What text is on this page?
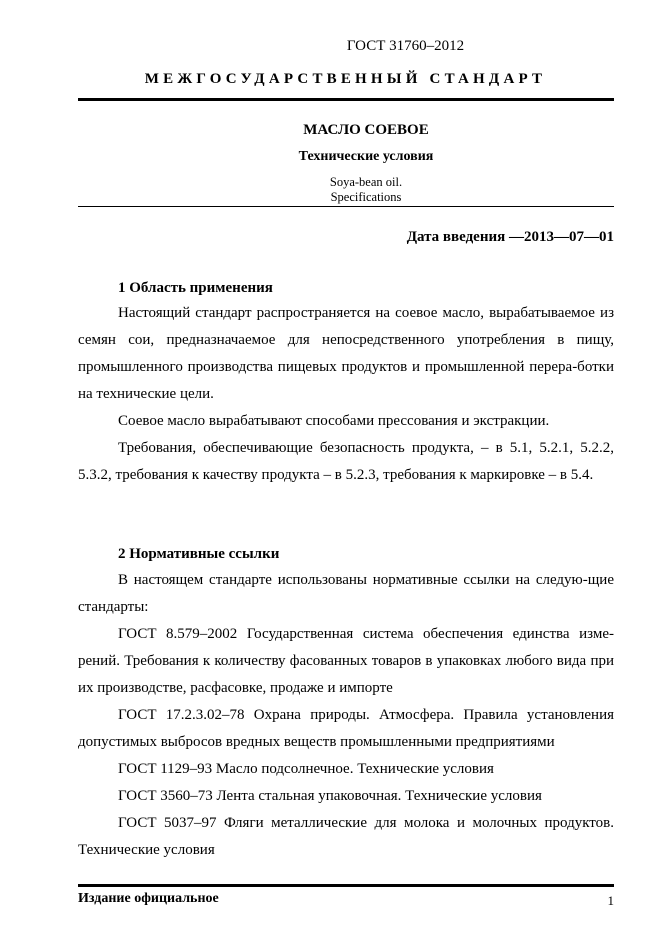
ГОСТ 31760–2012
МЕЖГОСУДАРСТВЕННЫЙ СТАНДАРТ
МАСЛО СОЕВОЕ
Технические условия
Soya-bean oil.
Specifications
Дата введения —2013—07—01
1 Область применения
Настоящий стандарт распространяется на соевое масло, вырабатываемое из семян сои, предназначаемое для непосредственного употребления в пищу, промышленного производства пищевых продуктов и промышленной перера-ботки на технические цели.
Соевое масло вырабатывают способами прессования и экстракции.
Требования, обеспечивающие безопасность продукта, – в 5.1, 5.2.1, 5.2.2, 5.3.2, требования к качеству продукта – в 5.2.3, требования к маркировке – в 5.4.
2 Нормативные ссылки
В настоящем стандарте использованы нормативные ссылки на следую-щие стандарты:
ГОСТ 8.579–2002 Государственная система обеспечения единства изме-рений. Требования к количеству фасованных товаров в упаковках любого вида при их производстве, расфасовке, продаже и импорте
ГОСТ 17.2.3.02–78 Охрана природы. Атмосфера. Правила установления допустимых выбросов вредных веществ промышленными предприятиями
ГОСТ 1129–93 Масло подсолнечное. Технические условия
ГОСТ 3560–73 Лента стальная упаковочная. Технические условия
ГОСТ 5037–97 Фляги металлические для молока и молочных продуктов. Технические условия
Издание официальное	1
